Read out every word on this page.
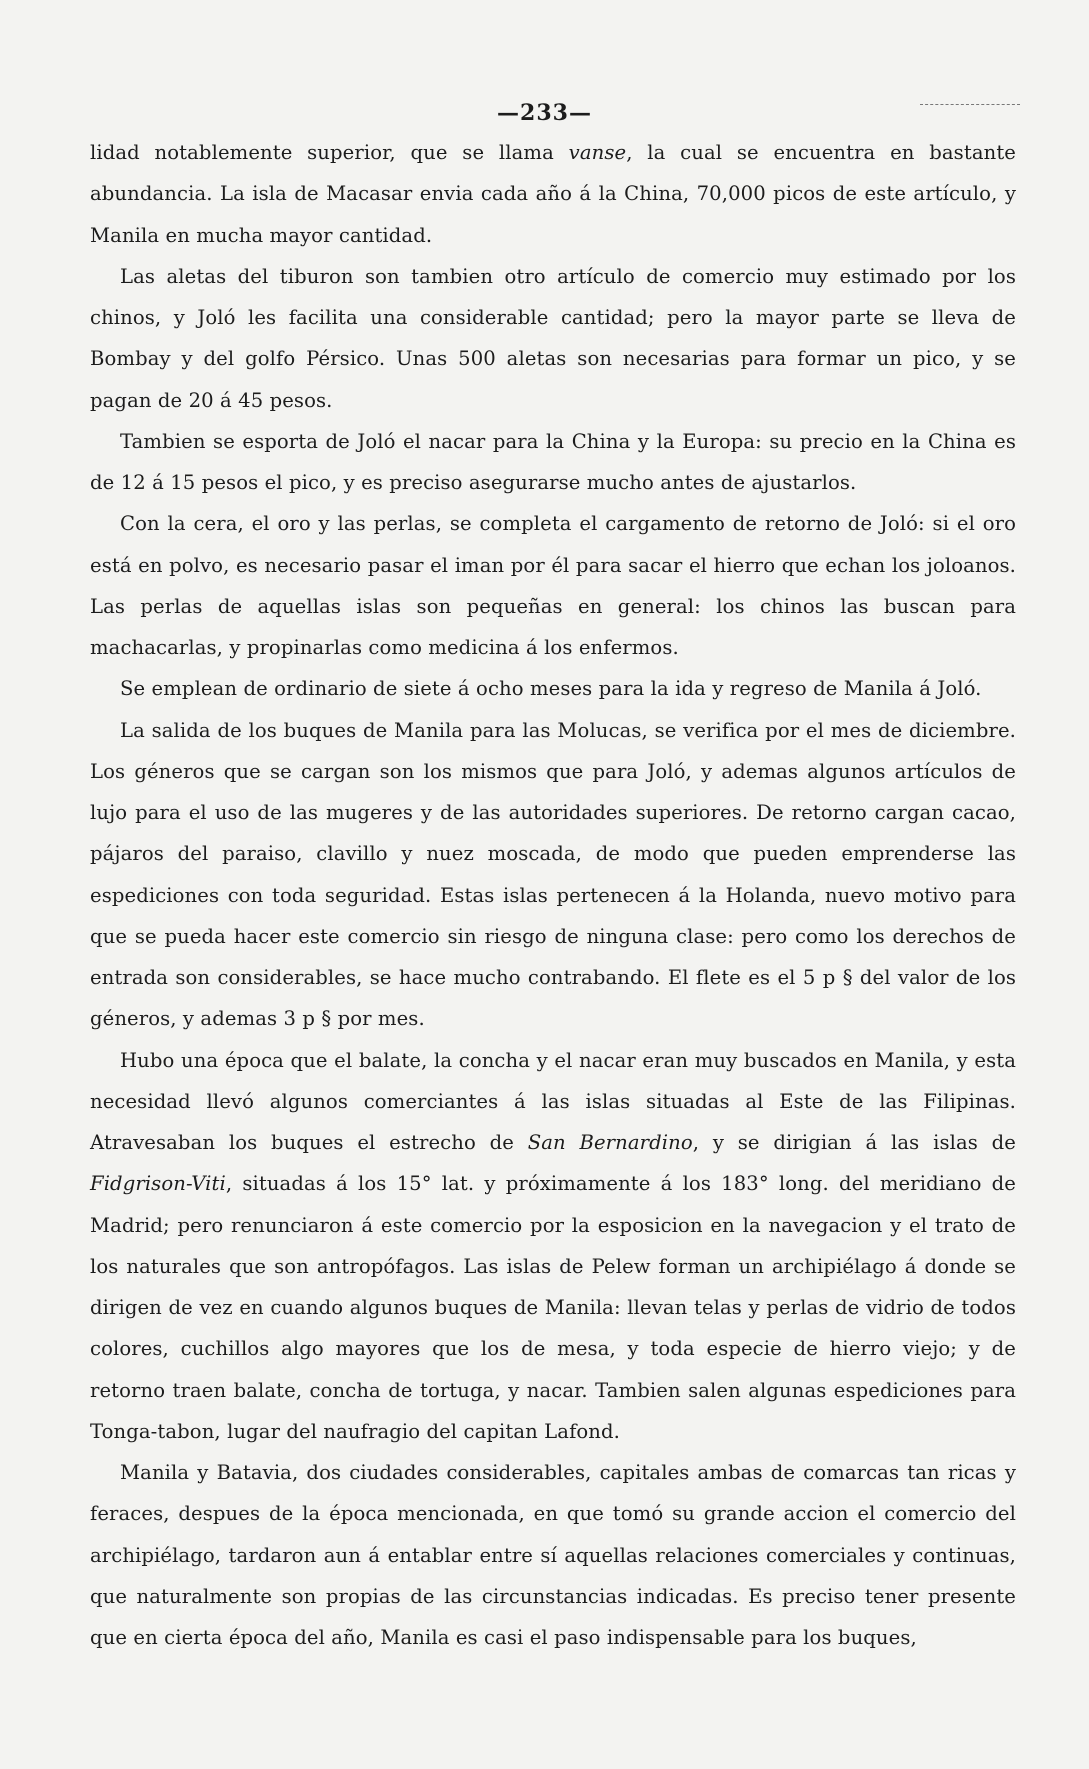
— 233 —

lidad notablemente superior, que se llama vanse, la cual se encuentra en bastante abundancia. La isla de Macasar envia cada año á la China, 70,000 picos de este artículo, y Manila en mucha mayor cantidad.

Las aletas del tiburon son tambien otro artículo de comercio muy estimado por los chinos, y Joló les facilita una considerable cantidad; pero la mayor parte se lleva de Bombay y del golfo Pérsico. Unas 500 aletas son necesarias para formar un pico, y se pagan de 20 á 45 pesos.

Tambien se esporta de Joló el nacar para la China y la Europa: su precio en la China es de 12 á 15 pesos el pico, y es preciso asegurarse mucho antes de ajustarlos.

Con la cera, el oro y las perlas, se completa el cargamento de retorno de Joló: si el oro está en polvo, es necesario pasar el iman por él para sacar el hierro que echan los joloanos. Las perlas de aquellas islas son pequeñas en general: los chinos las buscan para machacarlas, y propinarlas como medicina á los enfermos.

Se emplean de ordinario de siete á ocho meses para la ida y regreso de Manila á Joló.

La salida de los buques de Manila para las Molucas, se verifica por el mes de diciembre. Los géneros que se cargan son los mismos que para Joló, y ademas algunos artículos de lujo para el uso de las mugeres y de las autoridades superiores. De retorno cargan cacao, pájaros del paraiso, clavillo y nuez moscada, de modo que pueden emprenderse las espediciones con toda seguridad. Estas islas pertenecen á la Holanda, nuevo motivo para que se pueda hacer este comercio sin riesgo de ninguna clase: pero como los derechos de entrada son considerables, se hace mucho contrabando. El flete es el 5 p § del valor de los géneros, y ademas 3 p § por mes.

Hubo una época que el balate, la concha y el nacar eran muy buscados en Manila, y esta necesidad llevó algunos comerciantes á las islas situadas al Este de las Filipinas. Atravesaban los buques el estrecho de San Bernardino, y se dirigian á las islas de Fidgrison-Viti, situadas á los 15° lat. y próximamente á los 183° long. del meridiano de Madrid; pero renunciaron á este comercio por la esposicion en la navegacion y el trato de los naturales que son antropófagos. Las islas de Pelew forman un archipiélago á donde se dirigen de vez en cuando algunos buques de Manila: llevan telas y perlas de vidrio de todos colores, cuchillos algo mayores que los de mesa, y toda especie de hierro viejo; y de retorno traen balate, concha de tortuga, y nacar. Tambien salen algunas espediciones para Tonga-tabon, lugar del naufragio del capitan Lafond.

Manila y Batavia, dos ciudades considerables, capitales ambas de comarcas tan ricas y feraces, despues de la época mencionada, en que tomó su grande accion el comercio del archipiélago, tardaron aun á entablar entre sí aquellas relaciones comerciales y continuas, que naturalmente son propias de las circunstancias indicadas. Es preciso tener presente que en cierta época del año, Manila es casi el paso indispensable para los buques,
